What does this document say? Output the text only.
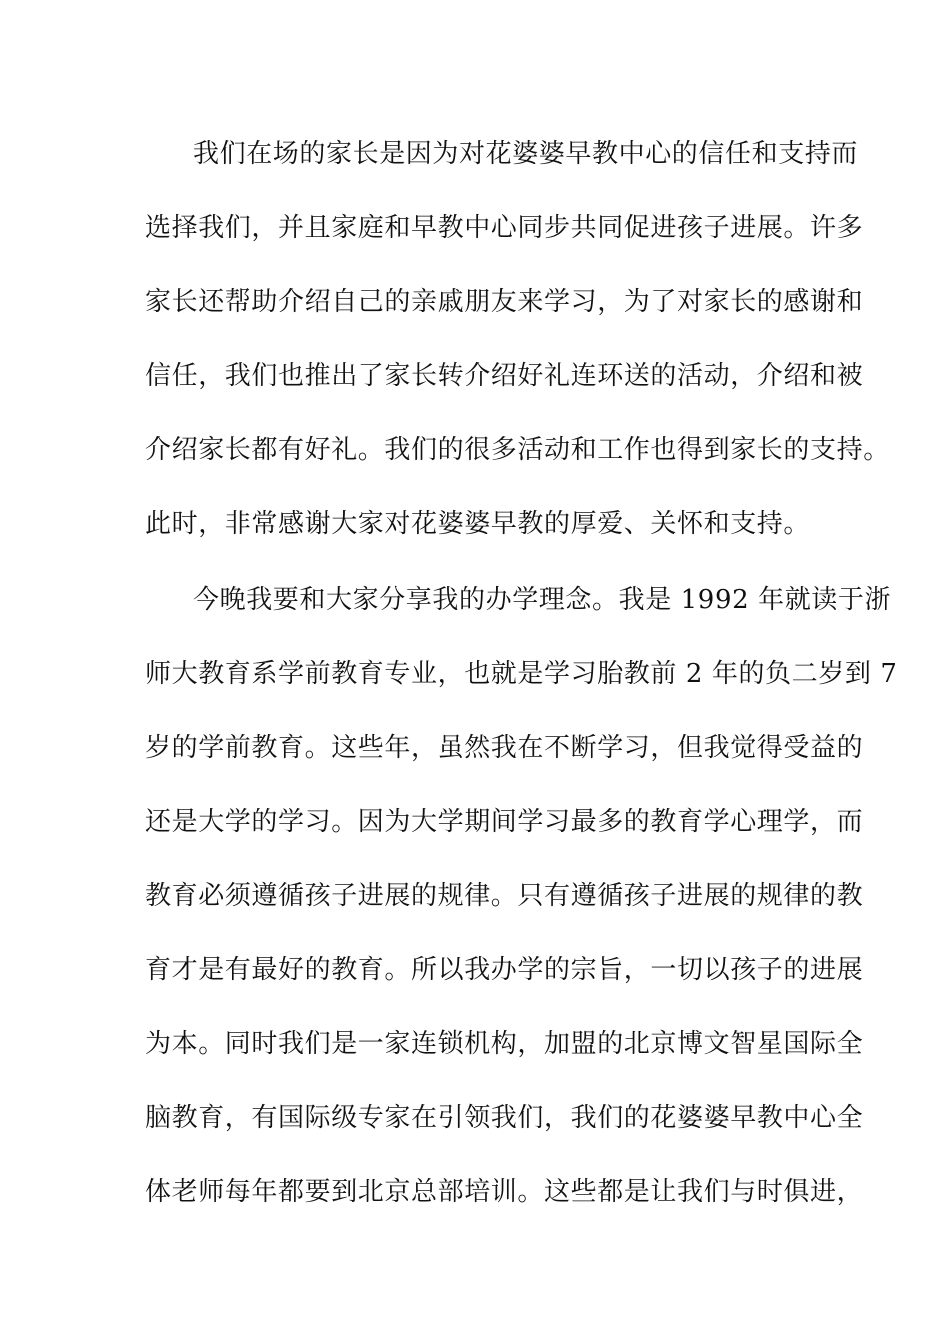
我们在场的家长是因为对花婆婆早教中心的信任和支持而
选择我们，并且家庭和早教中心同步共同促进孩子进展。许多
家长还帮助介绍自己的亲戚朋友来学习，为了对家长的感谢和
信任，我们也推出了家长转介绍好礼连环送的活动，介绍和被
介绍家长都有好礼。我们的很多活动和工作也得到家长的支持。
此时，非常感谢大家对花婆婆早教的厚爱、关怀和支持。
今晚我要和大家分享我的办学理念。我是 1992 年就读于浙
师大教育系学前教育专业，也就是学习胎教前 2 年的负二岁到 7
岁的学前教育。这些年，虽然我在不断学习，但我觉得受益的
还是大学的学习。因为大学期间学习最多的教育学心理学，而
教育必须遵循孩子进展的规律。只有遵循孩子进展的规律的教
育才是有最好的教育。所以我办学的宗旨，一切以孩子的进展
为本。同时我们是一家连锁机构，加盟的北京博文智星国际全
脑教育，有国际级专家在引领我们，我们的花婆婆早教中心全
体老师每年都要到北京总部培训。这些都是让我们与时俱进，
